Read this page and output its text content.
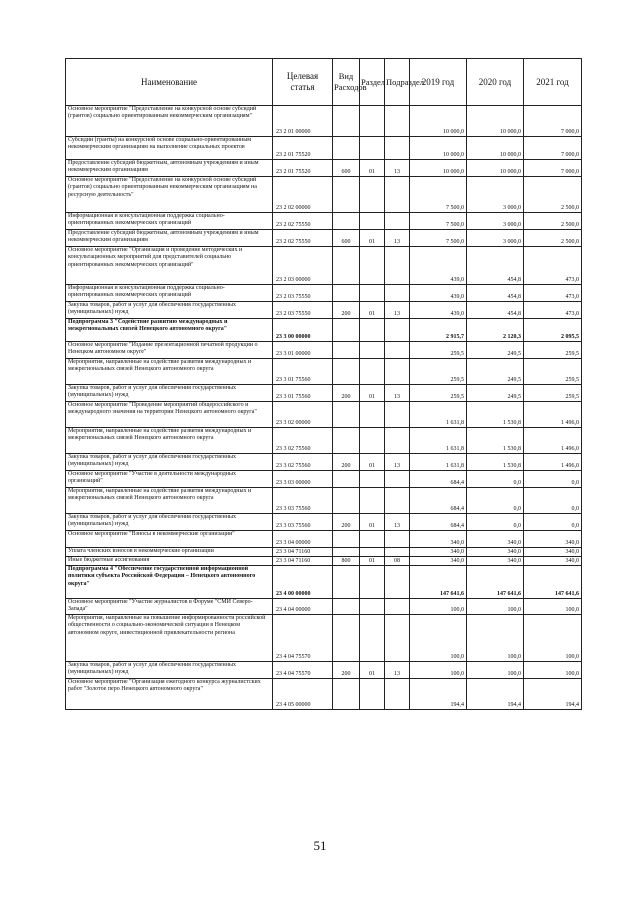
Наименование	Целевая статья	Вид Расходов	Раздел	Подраздел	2019 год	2020 год	2021 год
Основное мероприятие "Предоставление на конкурсной основе субсидий (грантов) социально ориентированным некоммерческим организациям"	23 2 01 00000				10 000,0	10 000,0	7 000,0
Субсидии (гранты) на конкурсной основе социально-ориентированным некоммерческим организациям на выполнение социальных проектов	23 2 01 75520				10 000,0	10 000,0	7 000,0
Предоставление субсидий бюджетным, автономным учреждениям и иным некоммерческим организациям	23 2 01 75520	600	01	13	10 000,0	10 000,0	7 000,0
Основное мероприятие "Предоставление на конкурсной основе субсидий (грантов) социально ориентированным некоммерческим организациям на ресурсную деятельность"	23 2 02 00000				7 500,0	3 000,0	2 500,0
Информационная и консультационная поддержка социально-ориентированных некоммерческих организаций	23 2 02 75550				7 500,0	3 000,0	2 500,0
Предоставление субсидий бюджетным, автономным учреждениям и иным некоммерческим организациям	23 2 02 75550	600	01	13	7 500,0	3 000,0	2 500,0
Основное мероприятие "Организация и проведение методических и консультационных мероприятий для представителей социально ориентированных некоммерческих организаций"	23 2 03 00000				439,0	454,8	473,0
Информационная и консультационная поддержка социально-ориентированных некоммерческих организаций	23 2 03 75550				439,0	454,8	473,0
Закупка товаров, работ и услуг для обеспечения государственных (муниципальных) нужд	23 2 03 75550	200	01	13	439,0	454,8	473,0
Подпрограмма 3 "Содействие развитию международных и межрегиональных связей Ненецкого автономного округа"	23 3 00 00000				2 915,7	2 120,3	2 095,5
Основное мероприятие "Издание презентационной печатной продукции о Ненецком автономном округе"	23 3 01 00000				259,5	249,5	259,5
Мероприятия, направленные на содействие развития международных и межрегиональных связей Ненецкого автономного округа	23 3 01 75560				259,5	249,5	259,5
Закупка товаров, работ и услуг для обеспечения государственных (муниципальных) нужд	23 3 01 75560	200	01	13	259,5	249,5	259,5
Основное мероприятие "Проведение мероприятий общероссийского и международного значения на территории Ненецкого автономного округа"	23 3 02 00000				1 631,8	1 530,8	1 496,0
Мероприятия, направленные на содействие развития международных и межрегиональных связей Ненецкого автономного округа	23 3 02 75560				1 631,8	1 530,8	1 496,0
Закупка товаров, работ и услуг для обеспечения государственных (муниципальных) нужд	23 3 02 75560	200	01	13	1 631,8	1 530,8	1 496,0
Основное мероприятие "Участие в деятельности международных организаций"	23 3 03 00000				684,4	0,0	0,0
Мероприятия, направленные на содействие развития международных и межрегиональных связей Ненецкого автономного округа	23 3 03 75560				684,4	0,0	0,0
Закупка товаров, работ и услуг для обеспечения государственных (муниципальных) нужд	23 3 03 75560	200	01	13	684,4	0,0	0,0
Основное мероприятие "Взносы в некоммерческие организации"	23 3 04 00000				340,0	340,0	340,0
Уплата членских взносов в некоммерческие организации	23 3 04 71160				340,0	340,0	340,0
Иные бюджетные ассигнования	23 3 04 71160	800	01	08	340,0	340,0	340,0
Подпрограмма 4 "Обеспечение государственной информационной политики субъекта Российской Федерации – Ненецкого автономного округа"	23 4 00 00000				147 641,6	147 641,6	147 641,6
Основное мероприятие "Участие журналистов в Форуме "СМИ Северо-Запада"	23 4 04 00000				100,0	100,0	100,0
Мероприятия, направленные на повышение информированности российской общественности о социально-экономической ситуации в Ненецком автономном округе, инвестиционной привлекательности региона	23 4 04 75570				100,0	100,0	100,0
Закупка товаров, работ и услуг для обеспечения государственных (муниципальных) нужд	23 4 04 75570	200	01	13	100,0	100,0	100,0
Основное мероприятие "Организация ежегодного конкурса журналистских работ "Золотое перо Ненецкого автономного округа"	23 4 05 00000				194,4	194,4	194,4
51
